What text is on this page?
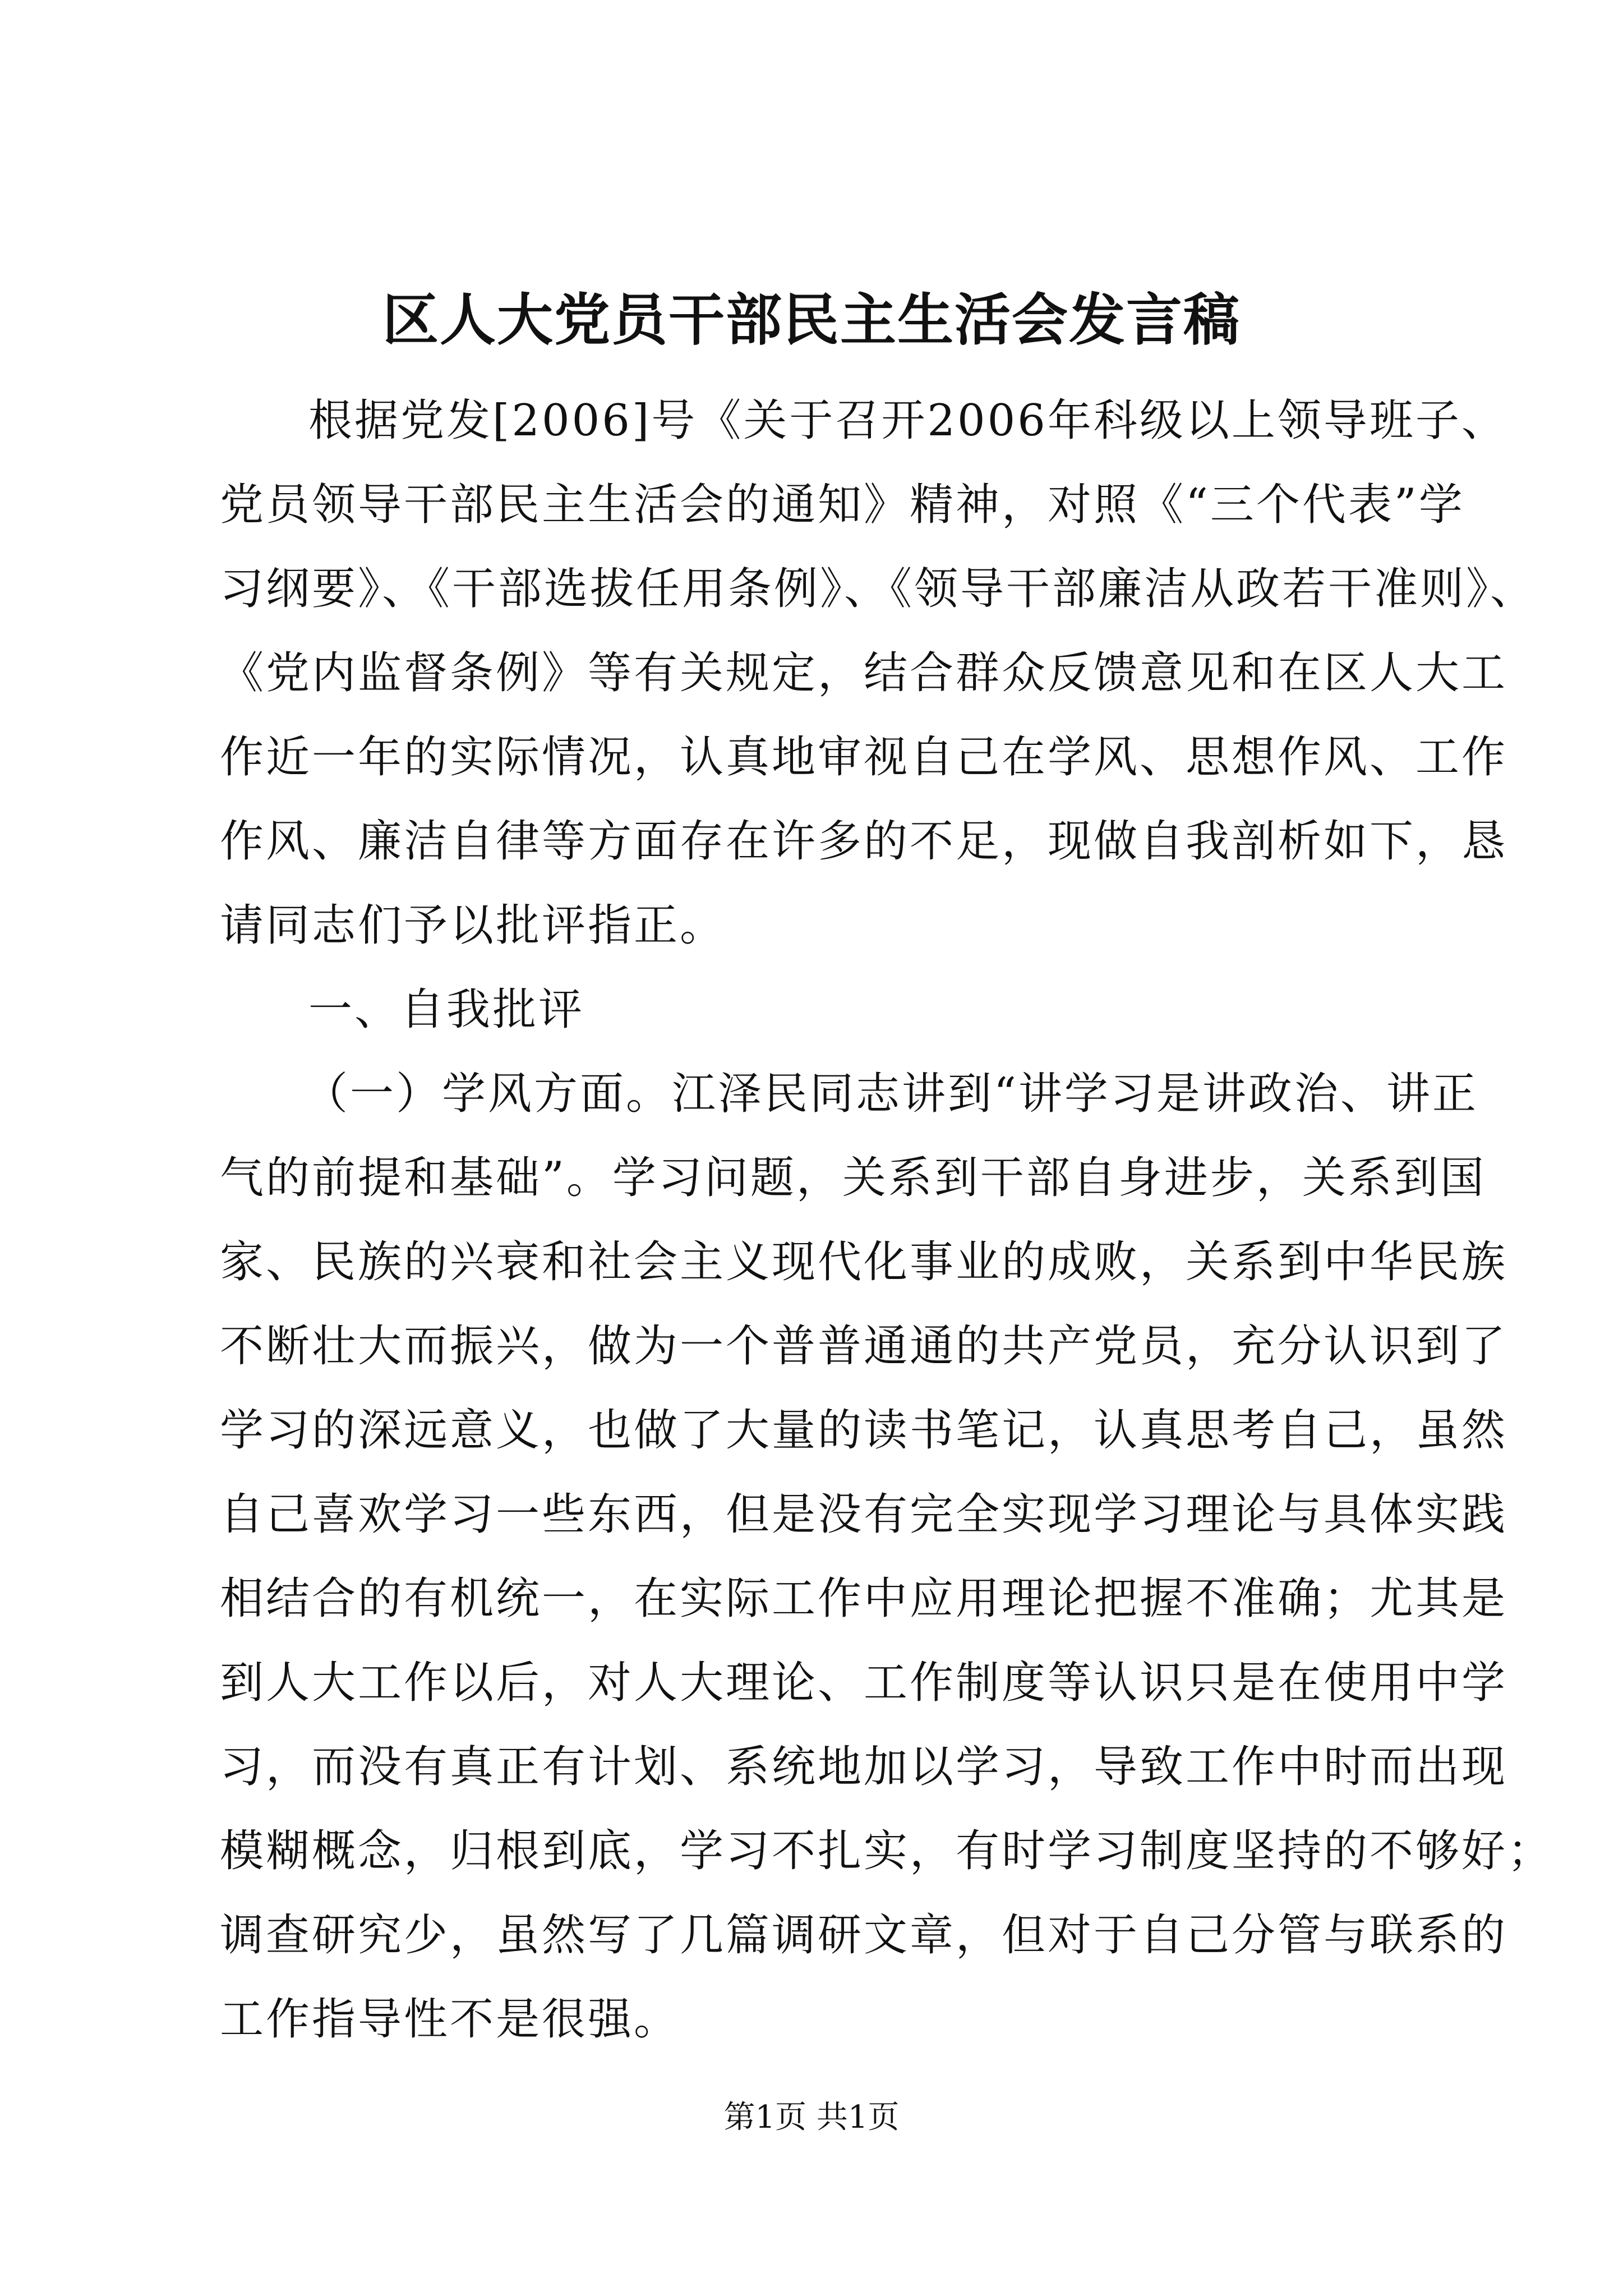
区人大党员干部民主生活会发言稿
根据党发[2006]号《关于召开2006年科级以上领导班子、
党员领导干部民主生活会的通知》精神，对照《“三个代表”学
习纲要》、《干部选拔任用条例》、《领导干部廉洁从政若干准则》、
《党内监督条例》等有关规定，结合群众反馈意见和在区人大工
作近一年的实际情况，认真地审视自己在学风、思想作风、工作
作风、廉洁自律等方面存在许多的不足，现做自我剖析如下，恳
请同志们予以批评指正。
一、自我批评
（一）学风方面。江泽民同志讲到“讲学习是讲政治、讲正
气的前提和基础”。学习问题，关系到干部自身进步，关系到国
家、民族的兴衰和社会主义现代化事业的成败，关系到中华民族
不断壮大而振兴，做为一个普普通通的共产党员，充分认识到了
学习的深远意义，也做了大量的读书笔记，认真思考自己，虽然
自己喜欢学习一些东西，但是没有完全实现学习理论与具体实践
相结合的有机统一，在实际工作中应用理论把握不准确；尤其是
到人大工作以后，对人大理论、工作制度等认识只是在使用中学
习，而没有真正有计划、系统地加以学习，导致工作中时而出现
模糊概念，归根到底，学习不扎实，有时学习制度坚持的不够好；
调查研究少，虽然写了几篇调研文章，但对于自己分管与联系的
工作指导性不是很强。
第1页 共1页
